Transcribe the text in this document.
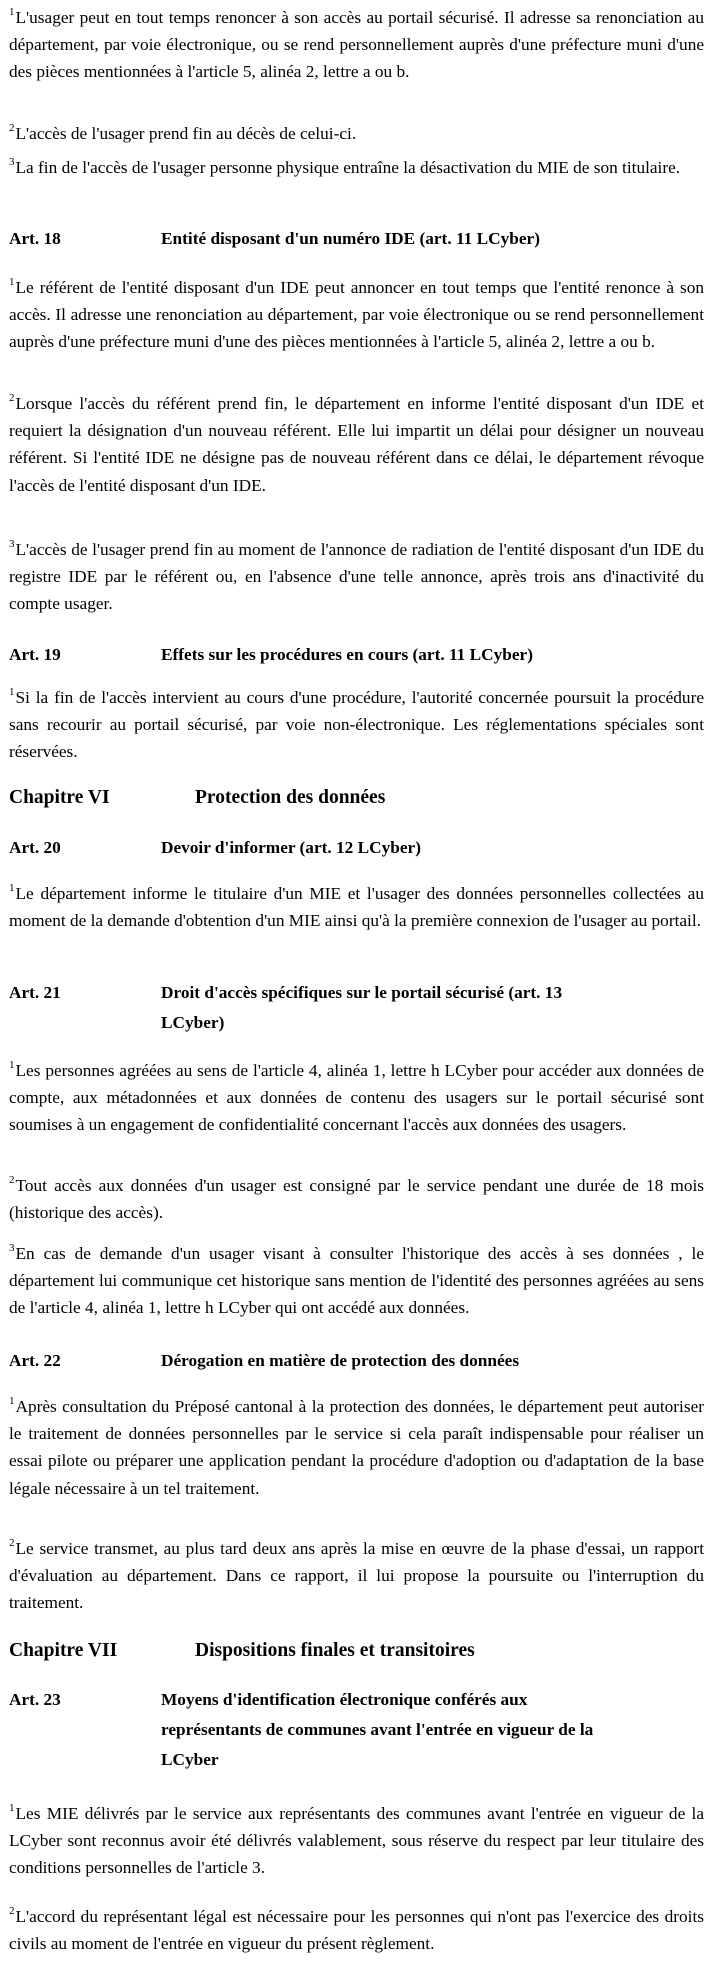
$^1$L'usager peut en tout temps renoncer à son accès au portail sécurisé. Il adresse sa renonciation au département, par voie électronique, ou se rend personnellement auprès d'une préfecture muni d'une des pièces mentionnées à l'article 5, alinéa 2, lettre a ou b.

$^2$L'accès de l'usager prend fin au décès de celui-ci.

$^3$La fin de l'accès de l'usager personne physique entraîne la désactivation du MIE de son titulaire.

Art. 18	Entité disposant d'un numéro IDE (art. 11 LCyber)

$^1$Le référent de l'entité disposant d'un IDE peut annoncer en tout temps que l'entité renonce à son accès. Il adresse une renonciation au département, par voie électronique ou se rend personnellement auprès d'une préfecture muni d'une des pièces mentionnées à l'article 5, alinéa 2, lettre a ou b.

$^2$Lorsque l'accès du référent prend fin, le département en informe l'entité disposant d'un IDE et requiert la désignation d'un nouveau référent. Elle lui impartit un délai pour désigner un nouveau référent. Si l'entité IDE ne désigne pas de nouveau référent dans ce délai, le département révoque l'accès de l'entité disposant d'un IDE.

$^3$L'accès de l'usager prend fin au moment de l'annonce de radiation de l'entité disposant d'un IDE du registre IDE par le référent ou, en l'absence d'une telle annonce, après trois ans d'inactivité du compte usager.

Art. 19	Effets sur les procédures en cours (art. 11 LCyber)

$^1$Si la fin de l'accès intervient au cours d'une procédure, l'autorité concernée poursuit la procédure sans recourir au portail sécurisé, par voie non-électronique. Les réglementations spéciales sont réservées.

Chapitre VI	Protection des données
Art. 20	Devoir d'informer (art. 12 LCyber)

$^1$Le département informe le titulaire d'un MIE et l'usager des données personnelles collectées au moment de la demande d'obtention d'un MIE ainsi qu'à la première connexion de l'usager au portail.

Art. 21	Droit d'accès spécifiques sur le portail sécurisé (art. 13 LCyber)

$^1$Les personnes agréées au sens de l'article 4, alinéa 1, lettre h LCyber pour accéder aux données de compte, aux métadonnées et aux données de contenu des usagers sur le portail sécurisé sont soumises à un engagement de confidentialité concernant l'accès aux données des usagers.

$^2$Tout accès aux données d'un usager est consigné par le service pendant une durée de 18 mois (historique des accès).

$^3$En cas de demande d'un usager visant à consulter l'historique des accès à ses données , le département lui communique cet historique sans mention de l'identité des personnes agréées au sens de l'article 4, alinéa 1, lettre h LCyber qui ont accédé aux données.

Art. 22	Dérogation en matière de protection des données

$^1$Après consultation du Préposé cantonal à la protection des données, le département peut autoriser le traitement de données personnelles par le service si cela paraît indispensable pour réaliser un essai pilote ou préparer une application pendant la procédure d'adoption ou d'adaptation de la base légale nécessaire à un tel traitement.

$^2$Le service transmet, au plus tard deux ans après la mise en œuvre de la phase d'essai, un rapport d'évaluation au département. Dans ce rapport, il lui propose la poursuite ou l'interruption du traitement.

Chapitre VII	Dispositions finales et transitoires
Art. 23	Moyens d'identification électronique conférés aux représentants de communes avant l'entrée en vigueur de la LCyber

$^1$Les MIE délivrés par le service aux représentants des communes avant l'entrée en vigueur de la LCyber sont reconnus avoir été délivrés valablement, sous réserve du respect par leur titulaire des conditions personnelles de l'article 3.

$^2$L'accord du représentant légal est nécessaire pour les personnes qui n'ont pas l'exercice des droits civils au moment de l'entrée en vigueur du présent règlement.
